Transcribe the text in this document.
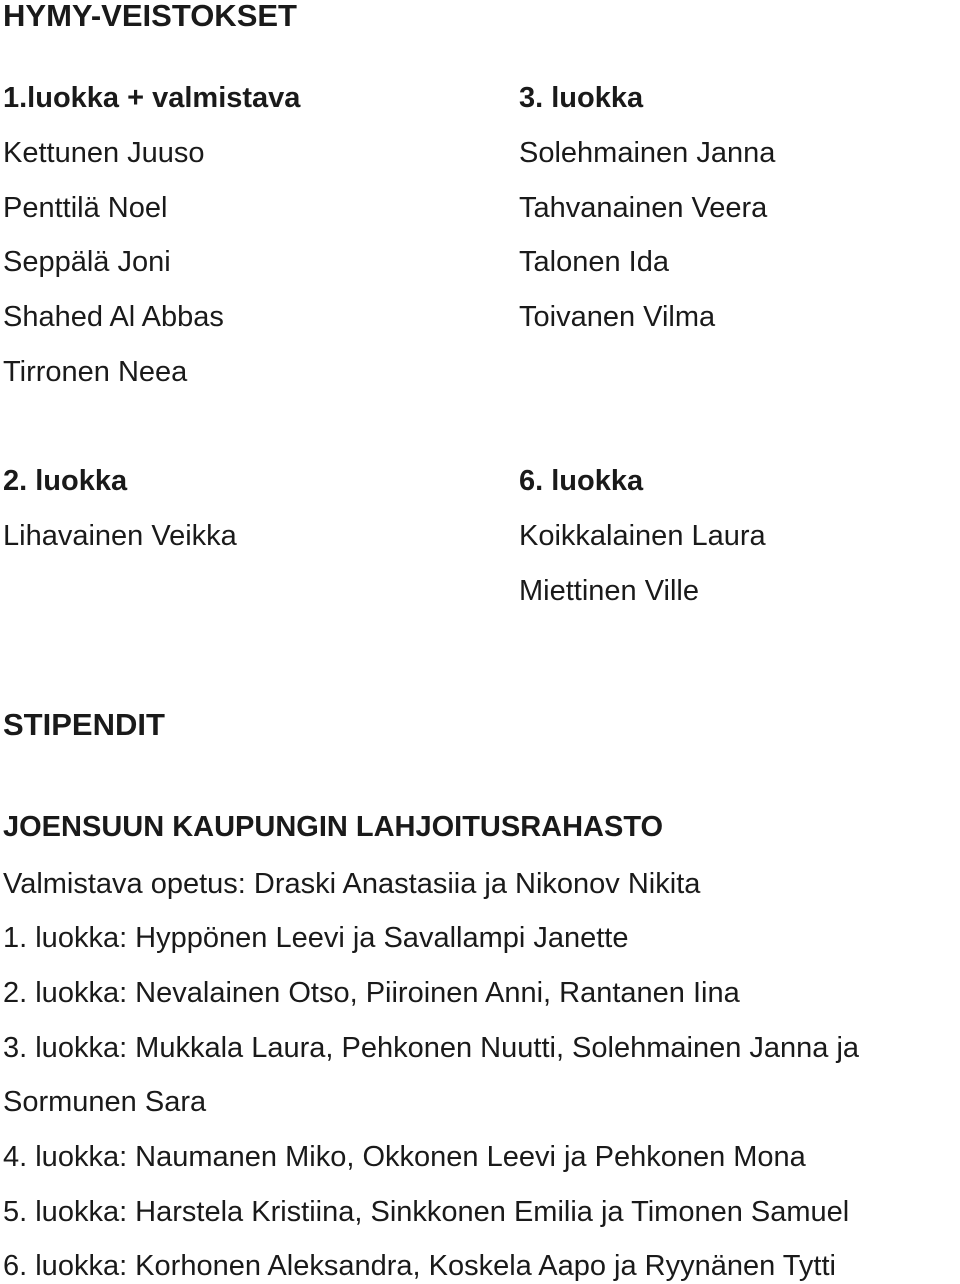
HYMY-VEISTOKSET
1.luokka + valmistava
Kettunen Juuso
Penttilä Noel
Seppälä Joni
Shahed Al Abbas
Tirronen Neea
3. luokka
Solehmainen Janna
Tahvanainen Veera
Talonen Ida
Toivanen Vilma
2. luokka
Lihavainen Veikka
6. luokka
Koikkalainen Laura
Miettinen Ville
STIPENDIT
JOENSUUN KAUPUNGIN LAHJOITUSRAHASTO
Valmistava opetus: Draski Anastasiia ja Nikonov Nikita
1. luokka: Hyppönen Leevi ja Savallampi Janette
2. luokka: Nevalainen Otso, Piiroinen Anni, Rantanen Iina
3. luokka: Mukkala Laura, Pehkonen Nuutti, Solehmainen Janna ja
Sormunen Sara
4. luokka: Naumanen Miko, Okkonen Leevi ja Pehkonen Mona
5. luokka: Harstela Kristiina, Sinkkonen Emilia ja Timonen Samuel
6. luokka: Korhonen Aleksandra, Koskela Aapo ja Ryynänen Tytti
